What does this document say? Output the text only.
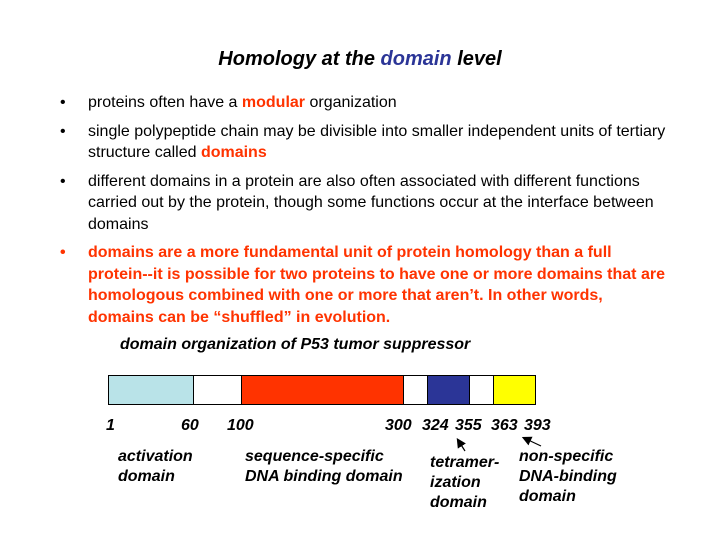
Homology at the domain level
• proteins often have a modular organization
• single polypeptide chain may be divisible into smaller independent units of tertiary structure called domains
• different domains in a protein are also often associated with different functions carried out by the protein, though some functions occur at the interface between domains
• domains are a more fundamental unit of protein homology than a full protein--it is possible for two proteins to have one or more domains that are homologous combined with one or more that aren’t. In other words, domains can be “shuffled” in evolution.
domain organization of P53 tumor suppressor
1	60 100	300 324 355 363 393
activation
domain
sequence-specific
DNA binding domain
tetramer-
ization
domain
non-specific
DNA-binding
domain
